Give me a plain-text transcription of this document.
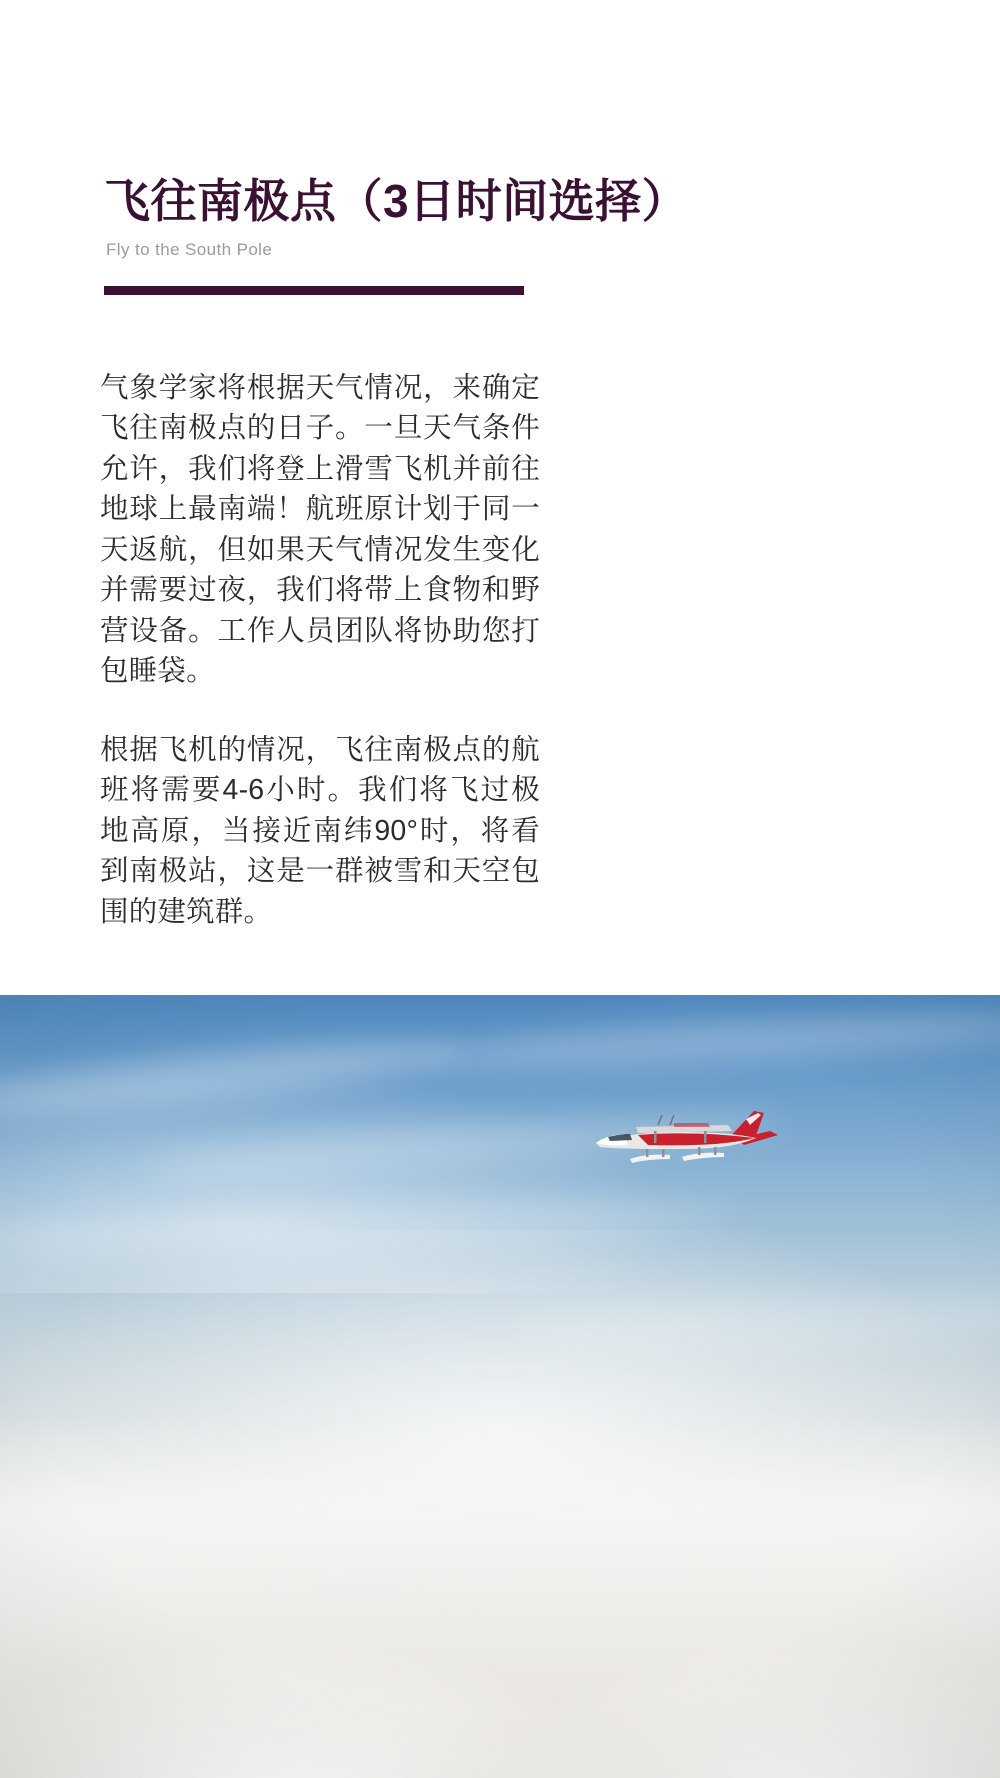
飞往南极点（3日时间选择）
Fly to the South Pole

气象学家将根据天气情况，来确定飞往南极点的日子。一旦天气条件允许，我们将登上滑雪飞机并前往地球上最南端！航班原计划于同一天返航，但如果天气情况发生变化并需要过夜，我们将带上食物和野营设备。工作人员团队将协助您打包睡袋。

根据飞机的情况，飞往南极点的航班将需要4-6小时。我们将飞过极地高原，当接近南纬90°时，将看到南极站，这是一群被雪和天空包围的建筑群。
